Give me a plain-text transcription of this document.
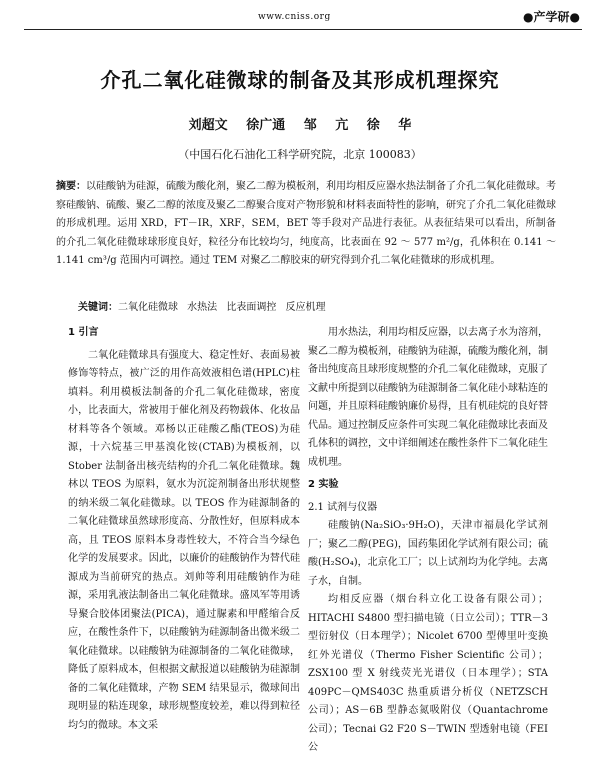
www.cniss.org	●产学研●
介孔二氧化硅微球的制备及其形成机理探究
刘超文 徐广通 邹 亢 徐 华
（中国石化石油化工科学研究院，北京 100083）
摘要：以硅酸钠为硅源，硫酸为酸化剂，聚乙二醇为模板剂，利用均相反应器水热法制备了介孔二氧化硅微球。考察硅酸钠、硫酸、聚乙二醇的浓度及聚乙二醇聚合度对产物形貌和材料表面特性的影响，研究了介孔二氧化硅微球的形成机理。运用 XRD，FT－IR，XRF，SEM，BET 等手段对产品进行表征。从表征结果可以看出，所制备的介孔二氧化硅微球球形度良好，粒径分布比较均匀，纯度高，比表面在 92 ～ 577 m²/g，孔体积在 0.141 ～ 1.141 cm³/g 范围内可调控。通过 TEM 对聚乙二醇胶束的研究得到介孔二氧化硅微球的形成机理。
关键词：二氧化硅微球 水热法 比表面调控 反应机理
1 引言

二氧化硅微球具有强度大、稳定性好、表面易被修饰等特点，被广泛的用作高效液相色谱(HPLC)柱填料。利用模板法制备的介孔二氧化硅微球，密度小，比表面大，常被用于催化剂及药物载体、化妆品材料等各个领域。邓杨以正硅酸乙酯(TEOS)为硅源，十六烷基三甲基溴化铵(CTAB)为模板剂，以 Stober 法制备出核壳结构的介孔二氧化硅微球。魏林以 TEOS 为原料，氨水为沉淀剂制备出形状规整的纳米级二氧化硅微球。以 TEOS 作为硅源制备的二氧化硅微球虽然球形度高、分散性好，但原料成本高，且 TEOS 原料本身毒性较大，不符合当今绿色化学的发展要求。因此，以廉价的硅酸钠作为替代硅源成为当前研究的热点。刘帅等利用硅酸钠作为硅源，采用乳液法制备出二氧化硅微球。盛凤军等用诱导聚合胶体团聚法(PICA)，通过脲素和甲醛缩合反应，在酸性条件下，以硅酸钠为硅源制备出微米级二氧化硅微球。以硅酸钠为硅源制备的二氧化硅微球，降低了原料成本，但根据文献报道以硅酸钠为硅源制备的二氧化硅微球，产物 SEM 结果显示，微球间出现明显的粘连现象，球形规整度较差，难以得到粒径均匀的微球。本文采

用水热法，利用均相反应器，以去离子水为溶剂，聚乙二醇为模板剂，硅酸钠为硅源，硫酸为酸化剂，制备出纯度高且球形度规整的介孔二氧化硅微球，克服了文献中所提到以硅酸钠为硅源制备二氧化硅小球粘连的问题，并且原料硅酸钠廉价易得，且有机硅烷的良好替代品。通过控制反应条件可实现二氧化硅微球比表面及孔体积的调控，文中详细阐述在酸性条件下二氧化硅生成机理。

2 实验
2.1 试剂与仪器

硅酸钠(Na₂SiO₃·9H₂O)，天津市福晨化学试剂厂；聚乙二醇(PEG)，国药集团化学试剂有限公司；硫酸(H₂SO₄)，北京化工厂；以上试剂均为化学纯。去离子水，自制。

均相反应器（烟台科立化工设备有限公司）；HITACHI S4800 型扫描电镜（日立公司）；TTR－3 型衍射仪（日本理学）；Nicolet 6700 型傅里叶变换红外光谱仪（Thermo Fisher Scientific 公司）；ZSX100 型 X 射线荧光光谱仪（日本理学）；STA 409PC－QMS403C 热重质谱分析仪（NETZSCH 公司）；AS－6B 型静态氮吸附仪（Quantachrome 公司）；Tecnai G2 F20 S－TWIN 型透射电镜（FEI 公
